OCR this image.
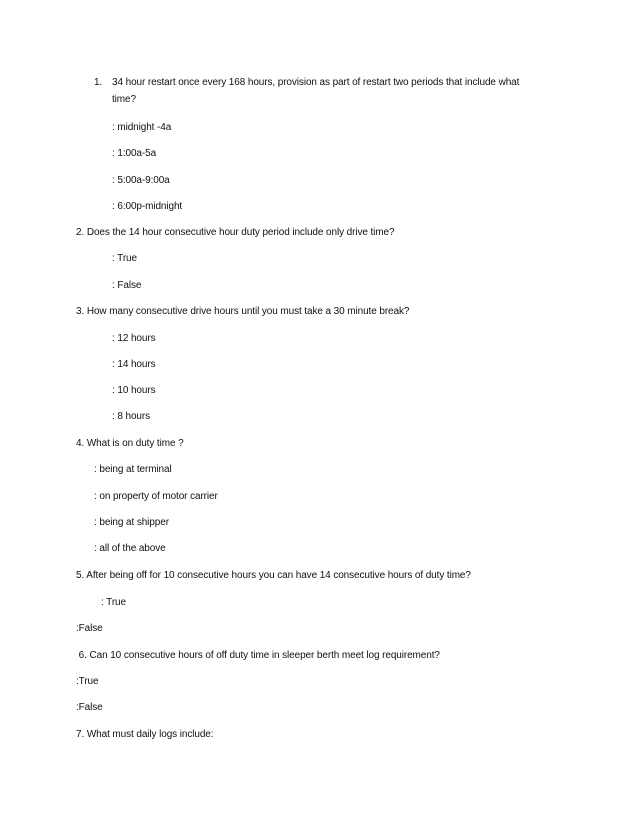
1. 34 hour restart once every 168 hours, provision as part of restart two periods that include what
time?
: midnight -4a
: 1:00a-5a
: 5:00a-9:00a
: 6:00p-midnight
2. Does the 14 hour consecutive hour duty period include only drive time?
: True
: False
3. How many consecutive drive hours until you must take a 30 minute break?
: 12 hours
: 14 hours
: 10 hours
: 8 hours
4. What is on duty time ?
: being at terminal
: on property of motor carrier
: being at shipper
: all of the above
5. After being off for 10 consecutive hours you can have 14 consecutive hours of duty time?
: True
:False
6. Can 10 consecutive hours of off duty time in sleeper berth meet log requirement?
:True
:False
7. What must daily logs include:
